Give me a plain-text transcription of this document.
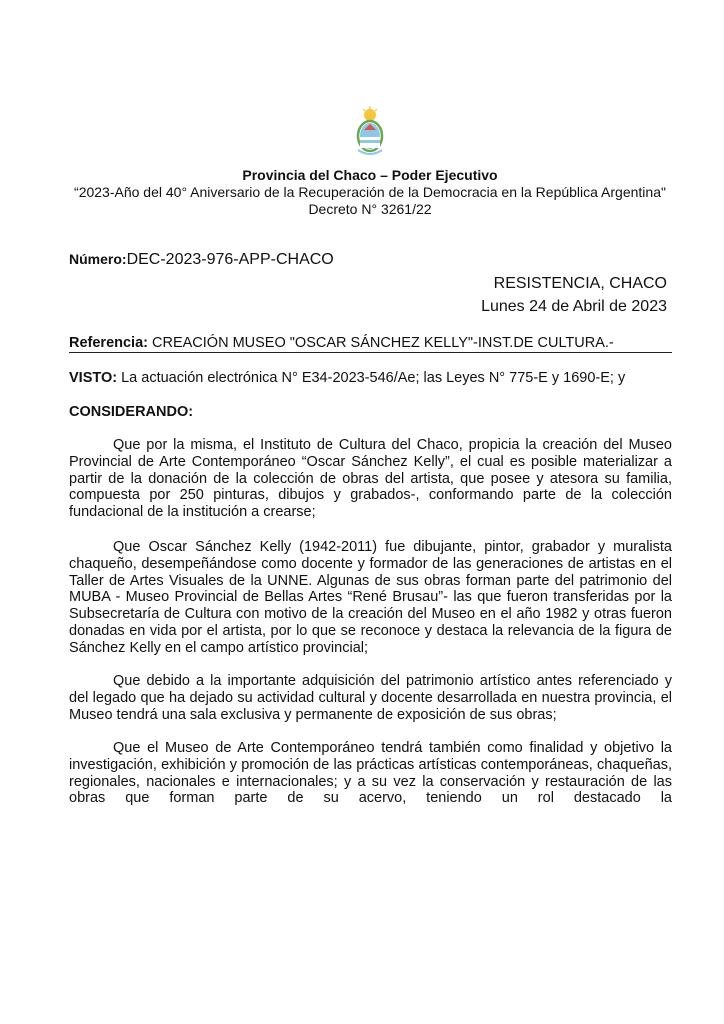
Provincia del Chaco – Poder Ejecutivo
“2023-Año del 40° Aniversario de la Recuperación de la Democracia en la República Argentina" Decreto N° 3261/22
Número:DEC-2023-976-APP-CHACO
RESISTENCIA, CHACO
Lunes 24 de Abril de 2023
Referencia: CREACIÓN MUSEO "OSCAR SÁNCHEZ KELLY"-INST.DE CULTURA.-
VISTO: La actuación electrónica N° E34-2023-546/Ae; las Leyes N° 775-E y 1690-E; y
CONSIDERANDO:

Que por la misma, el Instituto de Cultura del Chaco, propicia la creación del Museo Provincial de Arte Contemporáneo “Oscar Sánchez Kelly”, el cual es posible materializar a partir de la donación de la colección de obras del artista, que posee y atesora su familia, compuesta por 250 pinturas, dibujos y grabados-, conformando parte de la colección fundacional de la institución a crearse;

Que Oscar Sánchez Kelly (1942-2011) fue dibujante, pintor, grabador y muralista chaqueño, desempeñándose como docente y formador de las generaciones de artistas en el Taller de Artes Visuales de la UNNE. Algunas de sus obras forman parte del patrimonio del MUBA - Museo Provincial de Bellas Artes “René Brusau”- las que fueron transferidas por la Subsecretaría de Cultura con motivo de la creación del Museo en el año 1982 y otras fueron donadas en vida por el artista, por lo que se reconoce y destaca la relevancia de la figura de Sánchez Kelly en el campo artístico provincial;

Que debido a la importante adquisición del patrimonio artístico antes referenciado y del legado que ha dejado su actividad cultural y docente desarrollada en nuestra provincia, el Museo tendrá una sala exclusiva y permanente de exposición de sus obras;

Que el Museo de Arte Contemporáneo tendrá también como finalidad y objetivo la investigación, exhibición y promoción de las prácticas artísticas contemporáneas, chaqueñas, regionales, nacionales e internacionales; y a su vez la conservación y restauración de las obras que forman parte de su acervo, teniendo un rol destacado la
